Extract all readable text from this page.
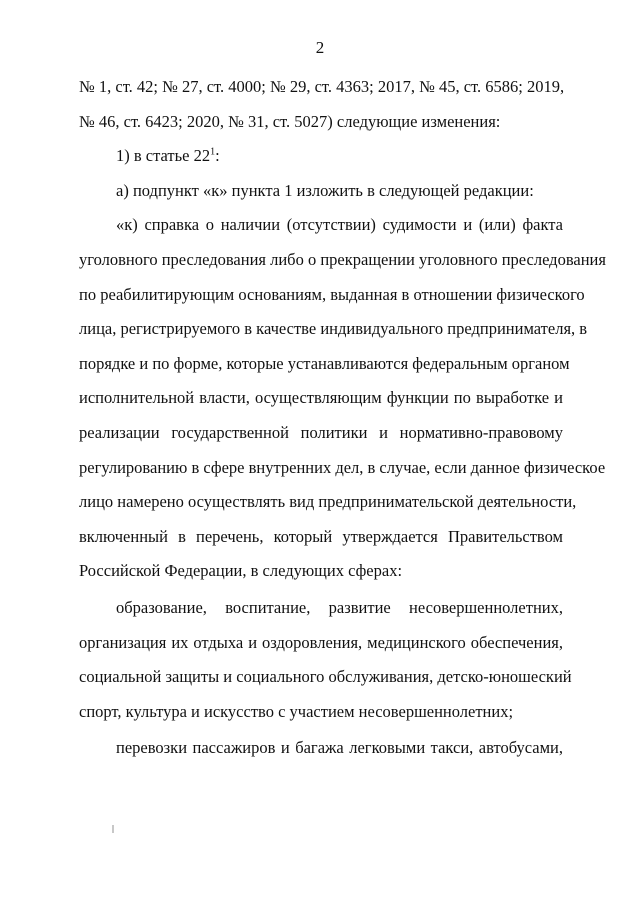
2
№ 1, ст. 42; № 27, ст. 4000; № 29, ст. 4363; 2017, № 45, ст. 6586; 2019,
№ 46, ст. 6423; 2020, № 31, ст. 5027) следующие изменения:
1) в статье $22^1$:
а) подпункт «к» пункта 1 изложить в следующей редакции:
«к) справка о наличии (отсутствии) судимости и (или) факта
уголовного преследования либо о прекращении уголовного преследования
по реабилитирующим основаниям, выданная в отношении физического
лица, регистрируемого в качестве индивидуального предпринимателя, в
порядке и по форме, которые устанавливаются федеральным органом
исполнительной власти, осуществляющим функции по выработке и
реализации государственной политики и нормативно-правовому
регулированию в сфере внутренних дел, в случае, если данное физическое
лицо намерено осуществлять вид предпринимательской деятельности,
включенный в перечень, который утверждается Правительством
Российской Федерации, в следующих сферах:
образование, воспитание, развитие несовершеннолетних,
организация их отдыха и оздоровления, медицинского обеспечения,
социальной защиты и социального обслуживания, детско-юношеский
спорт, культура и искусство с участием несовершеннолетних;
перевозки пассажиров и багажа легковыми такси, автобусами,
